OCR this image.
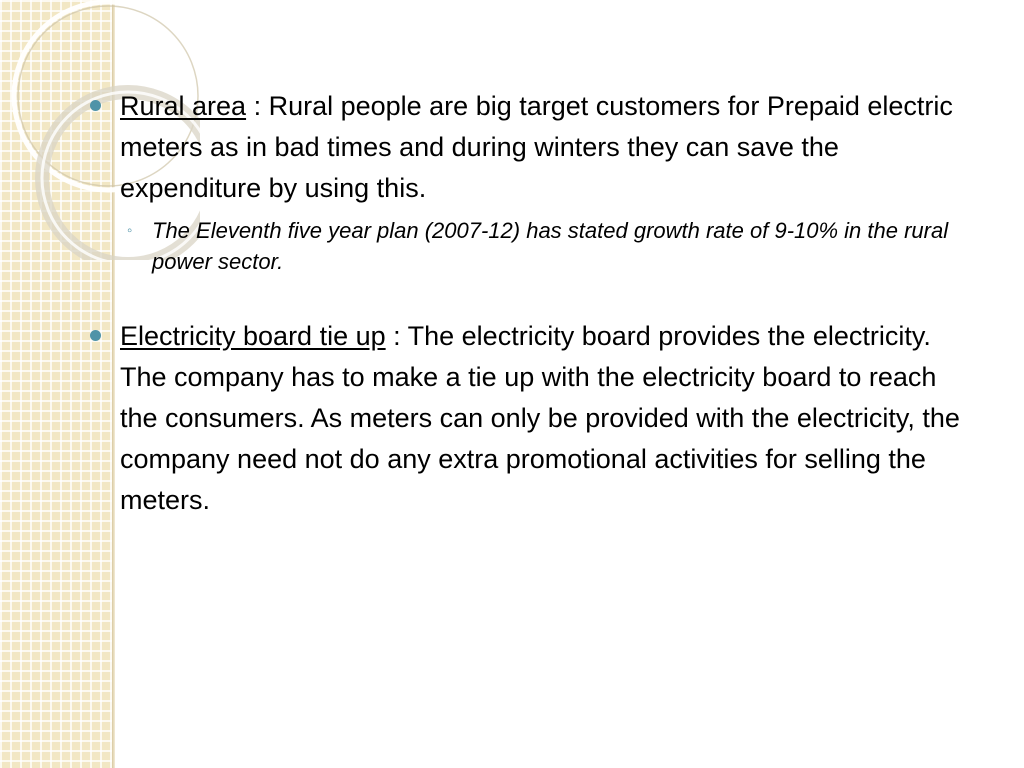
Rural area : Rural people are big target customers for Prepaid electric meters as in bad times and during winters they can save the expenditure by using this.
◦ The Eleventh five year plan (2007-12) has stated growth rate of 9-10% in the rural power sector.
Electricity board tie up : The electricity board provides the electricity. The company has to make a tie up with the electricity board to reach the consumers. As meters can only be provided with the electricity, the company need not do any extra promotional activities for selling the meters.
